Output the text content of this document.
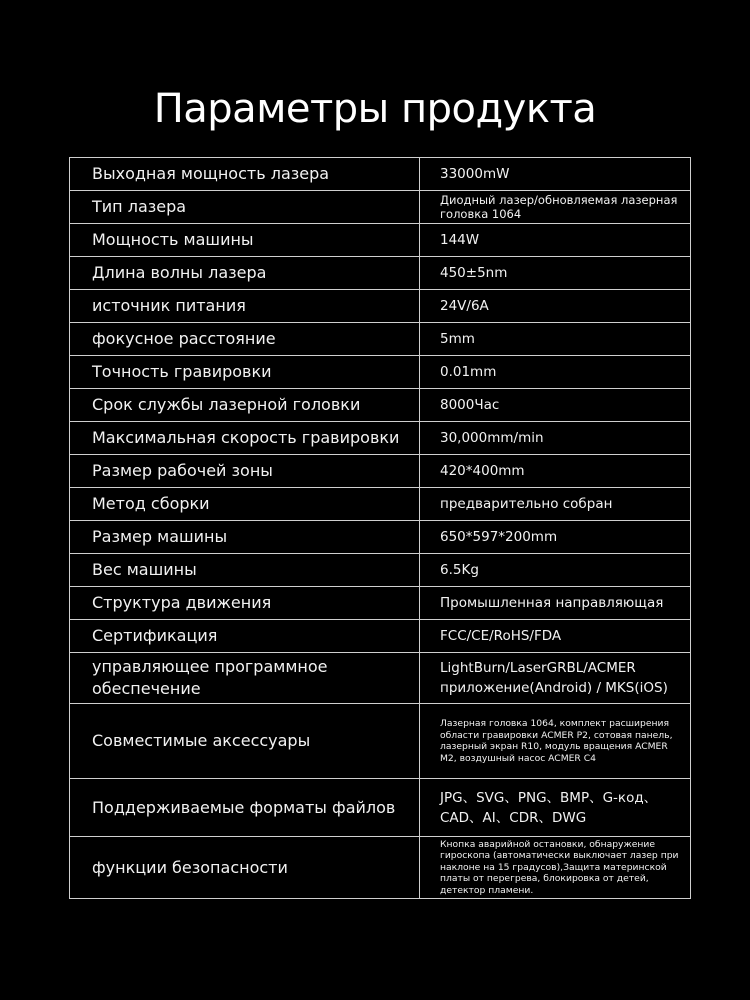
Параметры продукта
Выходная мощность лазера	33000mW
Тип лазера	Диодный лазер/обновляемая лазерная головка 1064
Мощность машины	144W
Длина волны лазера	450±5nm
источник питания	24V/6A
фокусное расстояние	5mm
Точность гравировки	0.01mm
Срок службы лазерной головки	8000Час
Максимальная скорость гравировки	30,000mm/min
Размер рабочей зоны	420*400mm
Метод сборки	предварительно собран
Размер машины	650*597*200mm
Вес машины	6.5Kg
Структура движения	Промышленная направляющая
Сертификация	FCC/CE/RoHS/FDA
управляющее программное обеспечение	LightBurn/LaserGRBL/ACMER приложение(Android) / MKS(iOS)
Совместимые аксессуары	Лазерная головка 1064, комплект расширения области гравировки ACMER P2, сотовая панель, лазерный экран R10, модуль вращения ACMER M2, воздушный насос ACMER C4
Поддерживаемые форматы файлов	JPG、SVG、PNG、BMP、G-код、CAD、AI、CDR、DWG
функции безопасности	Кнопка аварийной остановки, обнаружение гироскопа (автоматически выключает лазер при наклоне на 15 градусов),Защита материнской платы от перегрева, блокировка от детей, детектор пламени.
